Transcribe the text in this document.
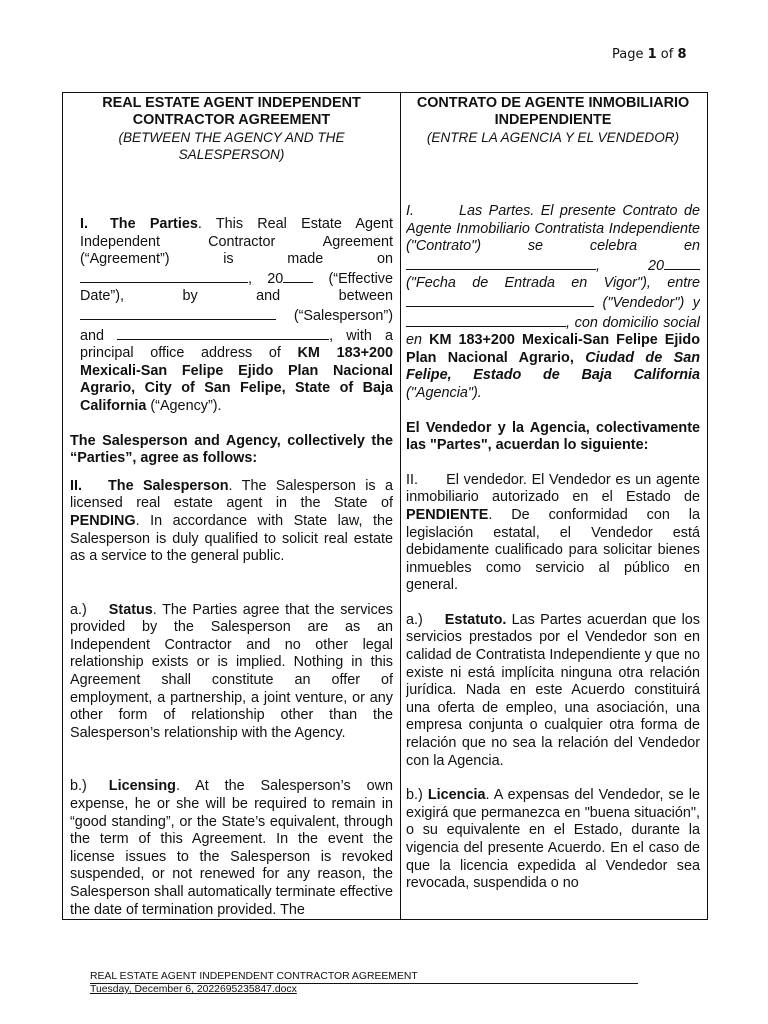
Page 1 of 8
REAL ESTATE AGENT INDEPENDENT CONTRACTOR AGREEMENT
(BETWEEN THE AGENCY AND THE SALESPERSON)

I. The Parties. This Real Estate Agent Independent Contractor Agreement (“Agreement”) is made on, 20 (“Effective Date”), by and between  (“Salesperson”) and	, with a principal office address of KM 183+200 Mexicali-San Felipe Ejido Plan Nacional Agrario, City of San Felipe, State of Baja California (“Agency”).

The Salesperson and Agency, collectively the “Parties”, agree as follows:

II. The Salesperson. The Salesperson is a licensed real estate agent in the State of PENDING. In accordance with State law, the Salesperson is duly qualified to solicit real estate as a service to the general public.

a.) Status. The Parties agree that the services provided by the Salesperson are as an Independent Contractor and no other legal relationship exists or is implied. Nothing in this Agreement shall constitute an offer of employment, a partnership, a joint venture, or any other form of relationship other than the Salesperson’s relationship with the Agency.

b.) Licensing. At the Salesperson’s own expense, he or she will be required to remain in “good standing”, or the State’s equivalent, through the term of this Agreement. In the event the license issues to the Salesperson is revoked suspended, or not renewed for any reason, the Salesperson shall automatically terminate effective the date of termination provided. The

CONTRATO DE AGENTE INMOBILIARIO INDEPENDIENTE
(ENTRE LA AGENCIA Y EL VENDEDOR)

I.       Las Partes. El presente Contrato de Agente Inmobiliario Contratista Independiente ("Contrato") se celebra en , 20 ("Fecha de Entrada en Vigor"), entre  ("Vendedor") y , con domicilio social en KM 183+200 Mexicali-San Felipe Ejido Plan Nacional Agrario, Ciudad de San Felipe, Estado de Baja California ("Agencia").

El Vendedor y la Agencia, colectivamente las "Partes", acuerdan lo siguiente:

II.      El vendedor. El Vendedor es un agente inmobiliario autorizado en el Estado de PENDIENTE. De conformidad con la legislación estatal, el Vendedor está debidamente cualificado para solicitar bienes inmuebles como servicio al público en general.

a.) Estatuto. Las Partes acuerdan que los servicios prestados por el Vendedor son en calidad de Contratista Independiente y que no existe ni está implícita ninguna otra relación jurídica. Nada en este Acuerdo constituirá una oferta de empleo, una asociación, una empresa conjunta o cualquier otra forma de relación que no sea la relación del Vendedor con la Agencia.

b.) Licencia. A expensas del Vendedor, se le exigirá que permanezca en "buena situación", o su equivalente en el Estado, durante la vigencia del presente Acuerdo. En el caso de que la licencia expedida al Vendedor sea revocada, suspendida o no

REAL ESTATE AGENT INDEPENDENT CONTRACTOR AGREEMENT
Tuesday, December 6, 2022695235847.docx
